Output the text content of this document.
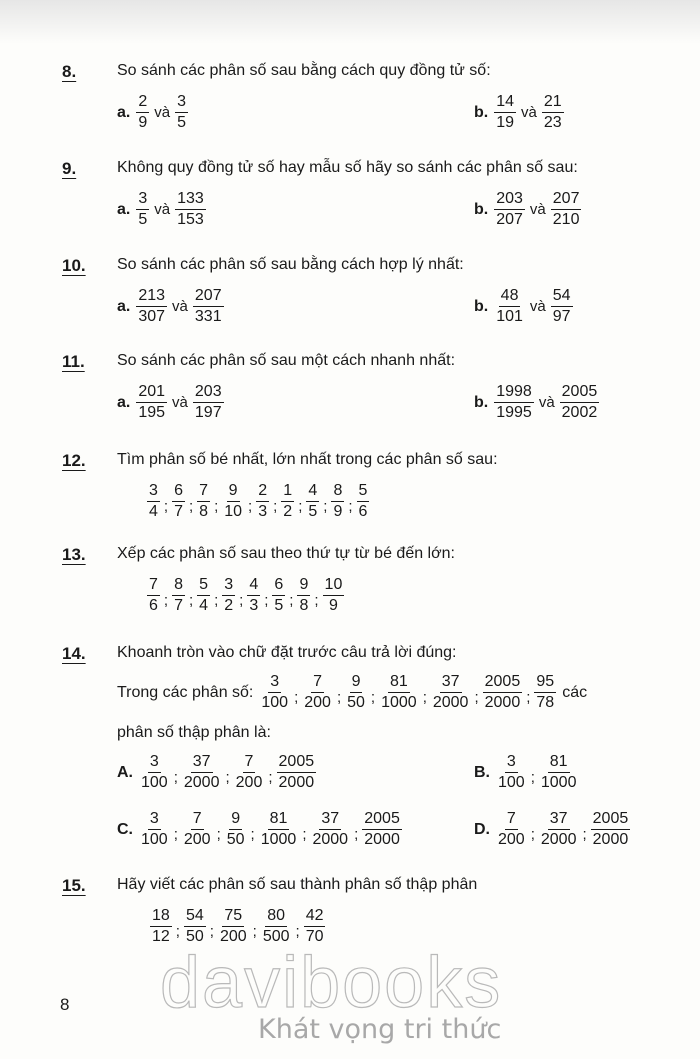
8.	So sánh các phân số sau bằng cách quy đồng tử số:
a. $\frac{2}{9}$ và $\frac{3}{5}$	b. $\frac{14}{19}$ và $\frac{21}{23}$
9.	Không quy đồng tử số hay mẫu số hãy so sánh các phân số sau:
a. $\frac{3}{5}$ và $\frac{133}{153}$	b. $\frac{203}{207}$ và $\frac{207}{210}$
10. So sánh các phân số sau bằng cách hợp lý nhất:
a. $\frac{213}{307}$ và $\frac{207}{331}$	b. $\frac{48}{101}$ và $\frac{54}{97}$
11. So sánh các phân số sau một cách nhanh nhất:
a. $\frac{201}{195}$ và $\frac{203}{197}$	b. $\frac{1998}{1995}$ và $\frac{2005}{2002}$
12. Tìm phân số bé nhất, lớn nhất trong các phân số sau:
$\frac{3}{4}$ ; $\frac{6}{7}$ ; $\frac{7}{8}$ ; $\frac{9}{10}$ ; $\frac{2}{3}$ ; $\frac{1}{2}$ ; $\frac{4}{5}$ ; $\frac{8}{9}$ ; $\frac{5}{6}$
13. Xếp các phân số sau theo thứ tự từ bé đến lớn:
$\frac{7}{6}$ ; $\frac{8}{7}$ ; $\frac{5}{4}$ ; $\frac{3}{2}$ ; $\frac{4}{3}$ ; $\frac{6}{5}$ ; $\frac{9}{8}$ ; $\frac{10}{9}$
14. Khoanh tròn vào chữ đặt trước câu trả lời đúng:
Trong các phân số: $\frac{3}{100}$ ; $\frac{7}{200}$ ; $\frac{9}{50}$ ; $\frac{81}{1000}$ ; $\frac{37}{2000}$ ; $\frac{2005}{2000}$ ; $\frac{95}{78}$ các
phân số thập phân là:
A. $\frac{3}{100}$ ; $\frac{37}{2000}$ ; $\frac{7}{200}$ ; $\frac{2005}{2000}$	B. $\frac{3}{100}$ ; $\frac{81}{1000}$
C. $\frac{3}{100}$ ; $\frac{7}{200}$ ; $\frac{9}{50}$ ; $\frac{81}{1000}$ ; $\frac{37}{2000}$ ; $\frac{2005}{2000}$	D. $\frac{7}{200}$ ; $\frac{37}{2000}$ ; $\frac{2005}{2000}$
15. Hãy viết các phân số sau thành phân số thập phân
$\frac{18}{12}$ ; $\frac{54}{50}$ ; $\frac{75}{200}$ ; $\frac{80}{500}$ ; $\frac{42}{70}$
davibooks
Khát vọng tri thức
8
